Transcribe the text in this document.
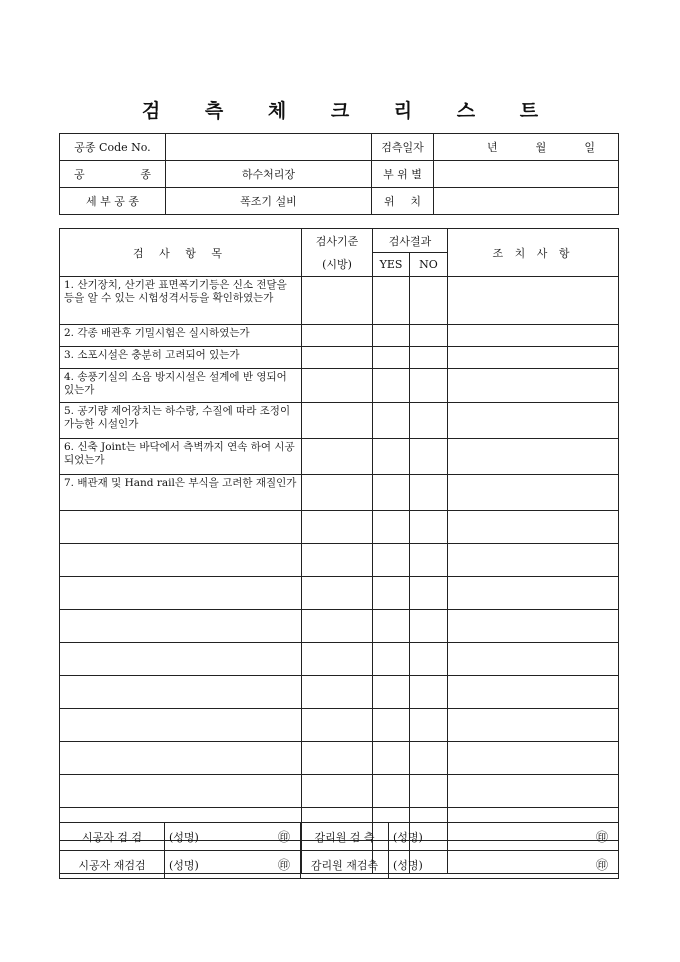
검 측 체 크 리 스 트
공종 Code No.		검측일자	년 월 일

공 종	하수처리장	부 위 별	
세 부 공 종	폭조기 설비	위 치	
검 사 항 목	검사기준	검사결과		조 치 사 항
	(시방)	YES	NO	
1. 산기장치, 산기관 표면폭기기등은 신소 전달을 등을 알 수 있는 시험성격서등을 확인하였는가				
2. 각종 배관후 기밀시험은 실시하였는가				
3. 소포시설은 충분히 고려되어 있는가				
4. 송풍기실의 소음 방지시설은 설계에 반 영되어 있는가				
5. 공기량 제어장치는 하수량, 수질에 따라 조정이 가능한 시설인가				
6. 신축 Joint는 바닥에서 측벽까지 연속 하여 시공 되었는가				
7. 배관재 및 Hand rail은 부식을 고려한 재질인가				

시공자 검 검	(성명)	㊞	감리원 검 측	(성명)	㊞
시공자 재검검	(성명)	㊞	감리원 재검측	(성명)	㊞
